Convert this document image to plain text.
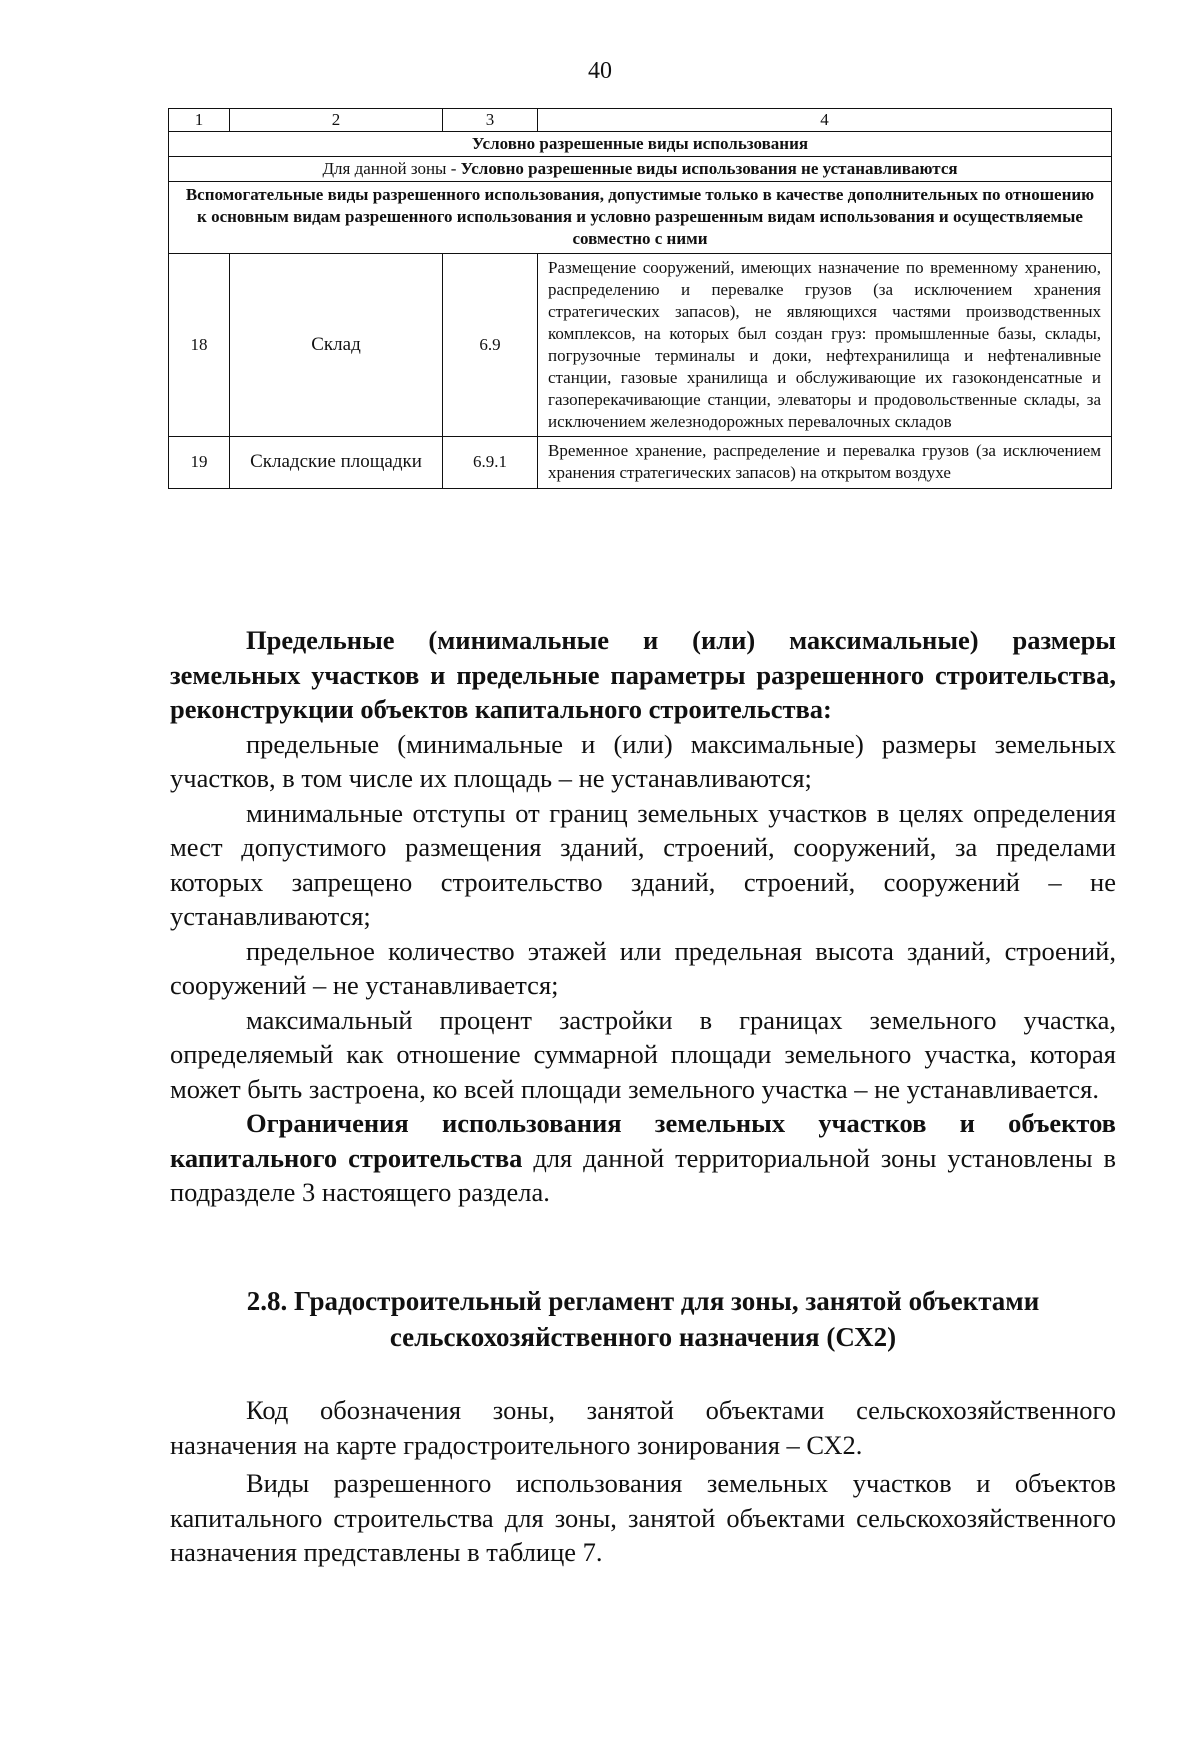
40
1	2	3	4
Условно разрешенные виды использования			
Для данной зоны - Условно разрешенные виды использования не устанавливаются			
Вспомогательные виды разрешенного использования, допустимые только в качестве дополнительных по отношению к основным видам разрешенного использования и условно разрешенным видам использования и осуществляемые совместно с ними			
18	Склад	6.9	Размещение сооружений, имеющих назначение по временному хранению, распределению и перевалке грузов (за исключением хранения стратегических запасов), не являющихся частями производственных комплексов, на которых был создан груз: промышленные базы, склады, погрузочные терминалы и доки, нефтехранилища и нефтеналивные станции, газовые хранилища и обслуживающие их газоконденсатные и газоперекачивающие станции, элеваторы и продовольственные склады, за исключением железнодорожных перевалочных складов
19	Складские площадки	6.9.1	Временное хранение, распределение и перевалка грузов (за исключением хранения стратегических запасов) на открытом воздухе

Предельные (минимальные и (или) максимальные) размеры земельных участков и предельные параметры разрешенного строительства, реконструкции объектов капитального строительства:

предельные (минимальные и (или) максимальные) размеры земельных участков, в том числе их площадь – не устанавливаются;

минимальные отступы от границ земельных участков в целях определения мест допустимого размещения зданий, строений, сооружений, за пределами которых запрещено строительство зданий, строений, сооружений – не устанавливаются;

предельное количество этажей или предельная высота зданий, строений, сооружений – не устанавливается;

максимальный процент застройки в границах земельного участка, определяемый как отношение суммарной площади земельного участка, которая может быть застроена, ко всей площади земельного участка – не устанавливается.

Ограничения использования земельных участков и объектов капитального строительства для данной территориальной зоны установлены в подразделе 3 настоящего раздела.

2.8. Градостроительный регламент для зоны, занятой объектами сельскохозяйственного назначения (СХ2)

Код обозначения зоны, занятой объектами сельскохозяйственного назначения на карте градостроительного зонирования – СХ2.

Виды разрешенного использования земельных участков и объектов капитального строительства для зоны, занятой объектами сельскохозяйственного назначения представлены в таблице 7.
